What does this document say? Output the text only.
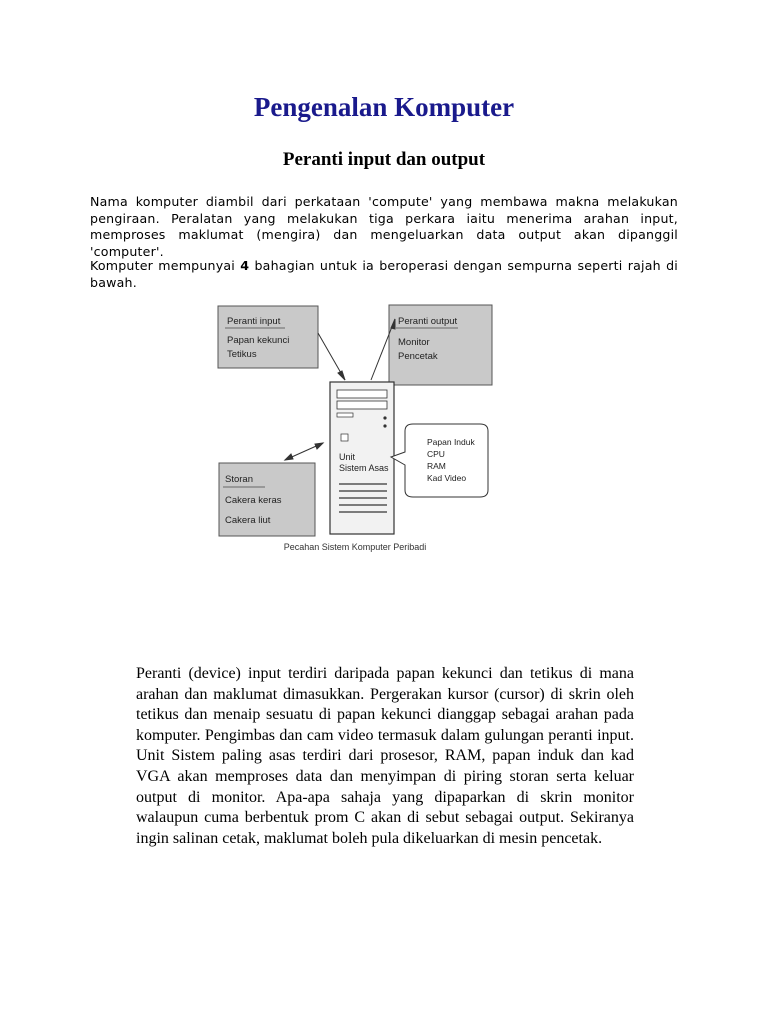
Pengenalan Komputer
Peranti input dan output
Nama komputer diambil dari perkataan 'compute' yang membawa makna melakukan pengiraan. Peralatan yang melakukan tiga perkara iaitu menerima arahan input, memproses maklumat (mengira) dan mengeluarkan data output akan dipanggil 'computer'.
Komputer mempunyai 4 bahagian untuk ia beroperasi dengan sempurna seperti rajah di bawah.
Peranti input
Papan kekunci
Tetikus
Peranti output
Monitor
Pencetak
Storan
Cakera keras
Cakera liut
Unit
Sistem Asas
Papan Induk
CPU
RAM
Kad Video
Pecahan Sistem Komputer Peribadi
Peranti (device) input terdiri daripada papan kekunci dan tetikus di mana arahan dan maklumat dimasukkan. Pergerakan kursor (cursor) di skrin oleh tetikus dan menaip sesuatu di papan kekunci dianggap sebagai arahan pada komputer. Pengimbas dan cam video termasuk dalam gulungan peranti input. Unit Sistem paling asas terdiri dari prosesor, RAM, papan induk dan kad VGA akan memproses data dan menyimpan di piring storan serta keluar output di monitor. Apa-apa sahaja yang dipaparkan di skrin monitor walaupun cuma berbentuk prom C akan di sebut sebagai output. Sekiranya ingin salinan cetak, maklumat boleh pula dikeluarkan di mesin pencetak.
